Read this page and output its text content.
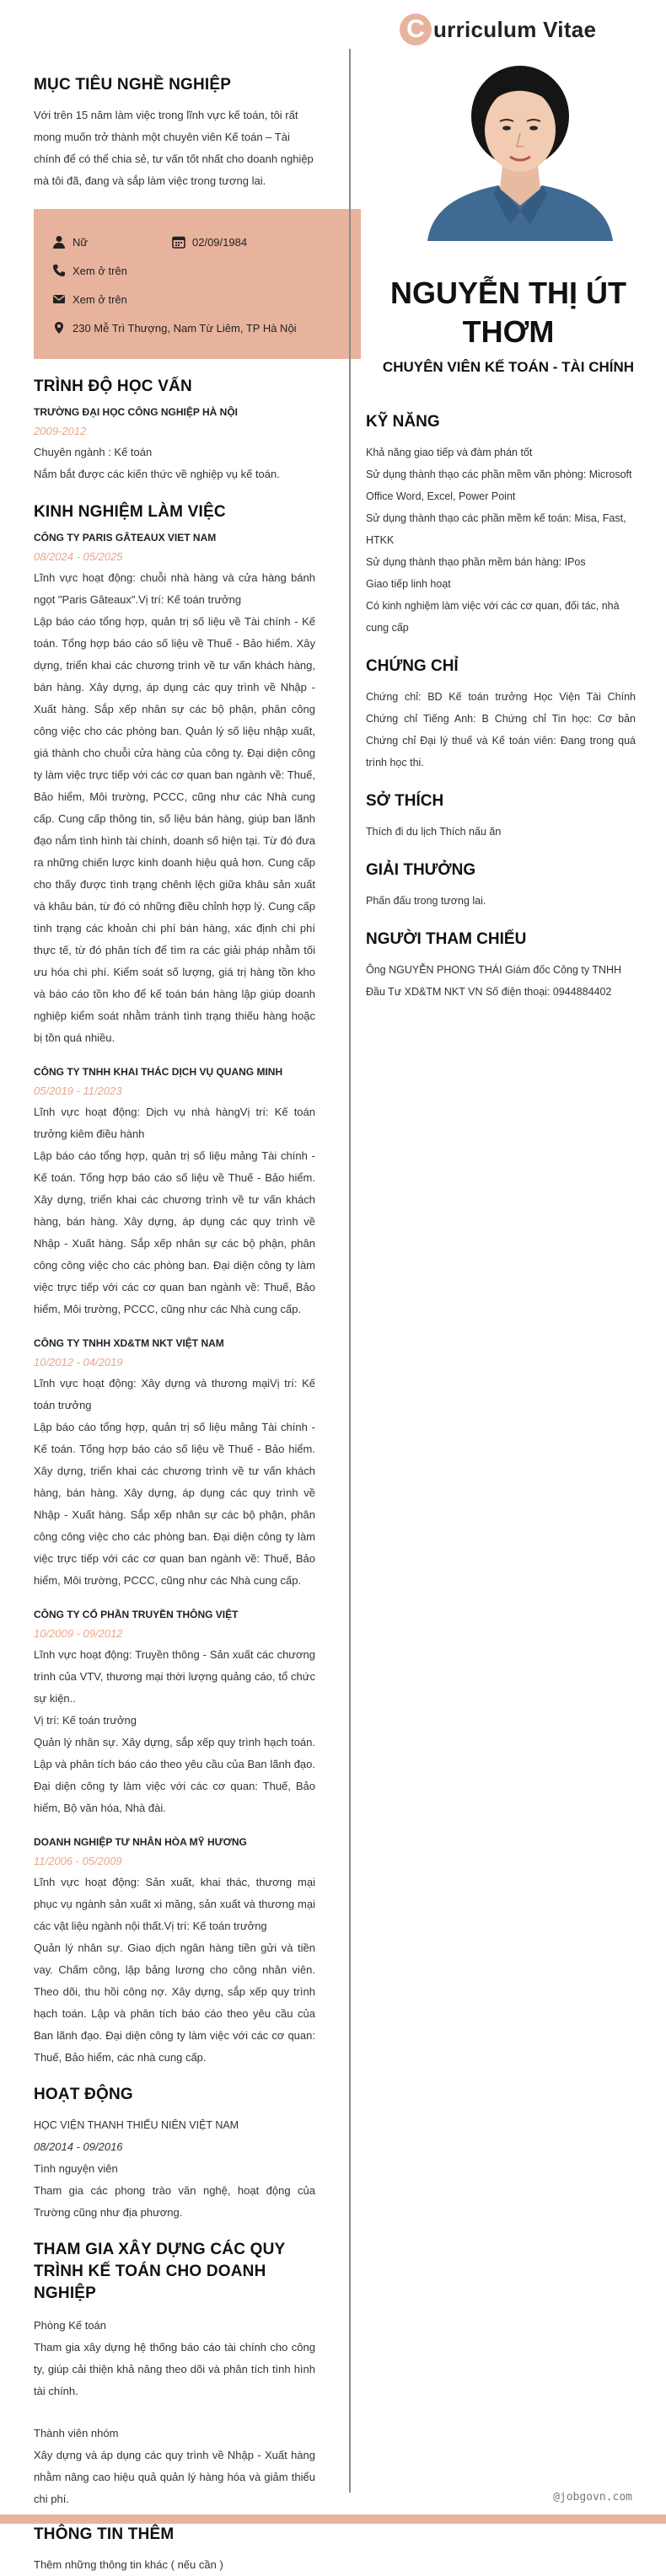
MỤC TIÊU NGHỀ NGHIỆP
Với trên 15 năm làm việc trong lĩnh vực kế toán, tôi rất mong muốn trở thành một chuyên viên Kế toán – Tài chính để có thể chia sẻ, tư vấn tốt nhất cho doanh nghiệp mà tôi đã, đang và sắp làm việc trong tương lai.
Nữ	02/09/1984
Xem ở trên
Xem ở trên
230 Mễ Trì Thượng, Nam Từ Liêm, TP Hà Nội
TRÌNH ĐỘ HỌC VẤN
TRƯỜNG ĐẠI HỌC CÔNG NGHIỆP HÀ NỘI
2009-2012
Chuyên ngành : Kế toán
Nắm bắt được các kiến thức về nghiệp vụ kế toán.
KINH NGHIỆM LÀM VIỆC
CÔNG TY PARIS GÂTEAUX VIET NAM
08/2024 - 05/2025
Lĩnh vực hoạt động: chuỗi nhà hàng và cửa hàng bánh ngọt "Paris Gâteaux".Vị trí: Kế toán trưởng
Lập báo cáo tổng hợp, quản trị số liệu về Tài chính - Kế toán. Tổng hợp báo cáo số liệu về Thuế - Bảo hiểm. Xây dựng, triển khai các chương trình về tư vấn khách hàng, bán hàng. Xây dựng, áp dụng các quy trình về Nhập - Xuất hàng. Sắp xếp nhân sự các bộ phận, phân công công việc cho các phòng ban. Quản lý số liệu nhập xuất, giá thành cho chuỗi cửa hàng của công ty. Đại diện công ty làm việc trực tiếp với các cơ quan ban ngành về: Thuế, Bảo hiểm, Môi trường, PCCC, cũng như các Nhà cung cấp. Cung cấp thông tin, số liệu bán hàng, giúp ban lãnh đạo nắm tình hình tài chính, doanh số hiện tại. Từ đó đưa ra những chiến lược kinh doanh hiệu quả hơn. Cung cấp cho thấy được tình trạng chênh lệch giữa khâu sản xuất và khâu bán, từ đó có những điều chỉnh hợp lý. Cung cấp tình trạng các khoản chi phí bán hàng, xác định chi phí thực tế, từ đó phân tích để tìm ra các giải pháp nhằm tối ưu hóa chi phí. Kiểm soát số lượng, giá trị hàng tồn kho và báo cáo tồn kho để kế toán bán hàng lập giúp doanh nghiệp kiểm soát nhằm tránh tình trạng thiếu hàng hoặc bị tồn quá nhiều.
CÔNG TY TNHH KHAI THÁC DỊCH VỤ QUANG MINH
05/2019 - 11/2023
Lĩnh vực hoạt động: Dịch vụ nhà hàngVị trí: Kế toán trưởng kiêm điều hành
Lập báo cáo tổng hợp, quản trị số liệu mảng Tài chính - Kế toán. Tổng hợp báo cáo số liệu về Thuế - Bảo hiểm. Xây dựng, triển khai các chương trình về tư vấn khách hàng, bán hàng. Xây dựng, áp dụng các quy trình về Nhập - Xuất hàng. Sắp xếp nhân sự các bộ phận, phân công công việc cho các phòng ban. Đại diện công ty làm việc trực tiếp với các cơ quan ban ngành về: Thuế, Bảo hiểm, Môi trường, PCCC, cũng như các Nhà cung cấp.
CÔNG TY TNHH XD&TM NKT VIỆT NAM
10/2012 - 04/2019
Lĩnh vực hoạt động: Xây dựng và thương mạiVị trí: Kế toán trưởng
Lập báo cáo tổng hợp, quản trị số liệu mảng Tài chính - Kế toán. Tổng hợp báo cáo số liệu về Thuế - Bảo hiểm. Xây dựng, triển khai các chương trình về tư vấn khách hàng, bán hàng. Xây dựng, áp dụng các quy trình về Nhập - Xuất hàng. Sắp xếp nhân sự các bộ phận, phân công công việc cho các phòng ban. Đại diện công ty làm việc trực tiếp với các cơ quan ban ngành về: Thuế, Bảo hiểm, Môi trường, PCCC, cũng như các Nhà cung cấp.
CÔNG TY CỔ PHẦN TRUYỀN THÔNG VIỆT
10/2009 - 09/2012
Lĩnh vực hoạt động: Truyền thông - Sản xuất các chương trình của VTV, thương mại thời lượng quảng cáo, tổ chức sự kiện..
Vị trí: Kế toán trưởng
Quản lý nhân sự. Xây dựng, sắp xếp quy trình hạch toán. Lập và phân tích báo cáo theo yêu cầu của Ban lãnh đạo. Đại diện công ty làm việc với các cơ quan: Thuế, Bảo hiểm, Bộ văn hóa, Nhà đài.
DOANH NGHIỆP TƯ NHÂN HÒA MỸ HƯƠNG
11/2006 - 05/2009
Lĩnh vực hoạt động: Sản xuất, khai thác, thương mại phục vụ ngành sản xuất xi măng, sản xuất và thương mại các vật liệu ngành nội thất.Vị trí: Kế toán trưởng
Quản lý nhân sự. Giao dịch ngân hàng tiền gửi và tiền vay. Chấm công, lập bảng lương cho công nhân viên. Theo dõi, thu hồi công nợ. Xây dựng, sắp xếp quy trình hạch toán. Lập và phân tích báo cáo theo yêu cầu của Ban lãnh đạo. Đại diện công ty làm việc với các cơ quan: Thuế, Bảo hiểm, các nhà cung cấp.
HOẠT ĐỘNG
HỌC VIỆN THANH THIẾU NIÊN VIỆT NAM
08/2014 - 09/2016
Tình nguyện viên
Tham gia các phong trào văn nghệ, hoạt động của Trường cũng như địa phương.
THAM GIA XÂY DỰNG CÁC QUY TRÌNH KẾ TOÁN CHO DOANH NGHIỆP
Phòng Kế toán
Tham gia xây dựng hệ thống báo cáo tài chính cho công ty, giúp cải thiện khả năng theo dõi và phân tích tình hình tài chính.
Thành viên nhóm
Xây dựng và áp dụng các quy trình về Nhập - Xuất hàng nhằm nâng cao hiệu quả quản lý hàng hóa và giảm thiểu chi phí.
THÔNG TIN THÊM
Thêm những thông tin khác ( nếu cần )
C urriculum Vitae
NGUYỄN THỊ ÚT THƠM
CHUYÊN VIÊN KẾ TOÁN - TÀI CHÍNH
KỸ NĂNG
Khả năng giao tiếp và đàm phán tốt
Sử dụng thành thạo các phần mềm văn phòng: Microsoft Office Word, Excel, Power Point
Sử dụng thành thạo các phần mềm kế toán: Misa, Fast, HTKK
Sử dụng thành thạo phần mềm bán hàng: IPos
Giao tiếp linh hoạt
Có kinh nghiệm làm việc với các cơ quan, đối tác, nhà cung cấp
CHỨNG CHỈ
Chứng chỉ: BD Kế toán trưởng Học Viện Tài Chính Chứng chỉ Tiếng Anh: B Chứng chỉ Tin học: Cơ bản Chứng chỉ Đại lý thuế và Kế toán viên: Đang trong quá trình học thi.
SỞ THÍCH
Thích đi du lịch Thích nấu ăn
GIẢI THƯỞNG
Phấn đấu trong tương lai.
NGƯỜI THAM CHIẾU
Ông NGUYỄN PHONG THÁI Giám đốc Công ty TNHH Đầu Tư XD&TM NKT VN Số điện thoại: 0944884402
@jobgovn.com
